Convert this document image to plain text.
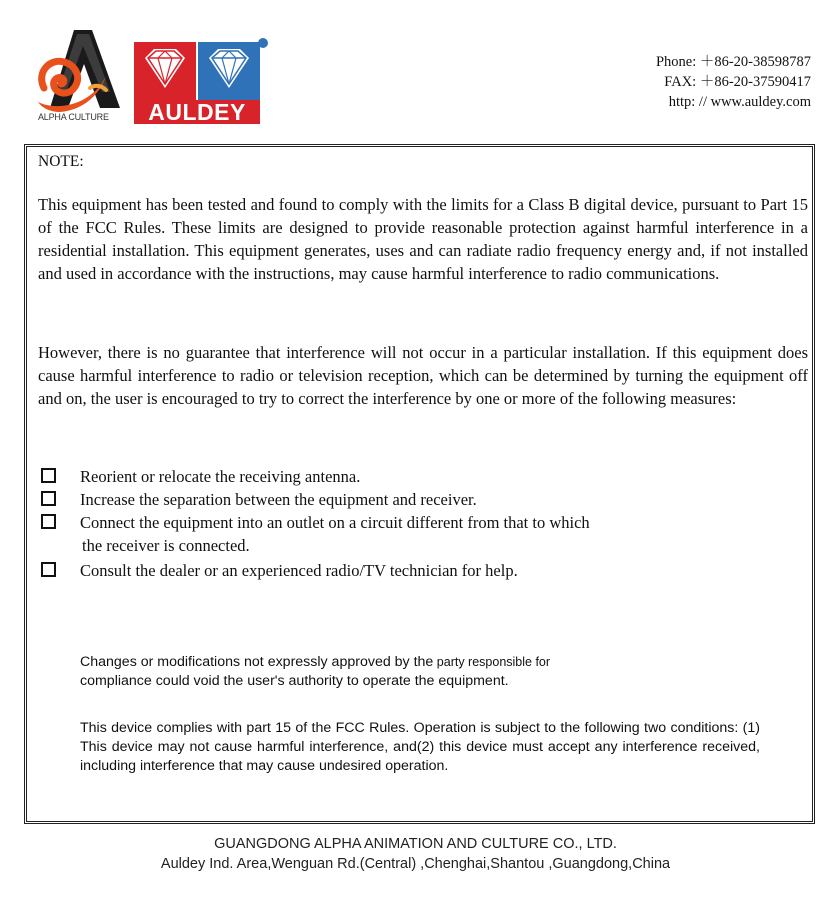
ALPHA CULTURE	AULDEY
Phone: ＋86-20-38598787
FAX: ＋86-20-37590417
http: // www.auldey.com
NOTE:

This equipment has been tested and found to comply with the limits for a Class B digital device, pursuant to Part 15 of the FCC Rules. These limits are designed to provide reasonable protection against harmful interference in a residential installation. This equipment generates, uses and can radiate radio frequency energy and, if not installed and used in accordance with the instructions, may cause harmful interference to radio communications.

However, there is no guarantee that interference will not occur in a particular installation. If this equipment does cause harmful interference to radio or television reception, which can be determined by turning the equipment off and on, the user is encouraged to try to correct the interference by one or more of the following measures:

Reorient or relocate the receiving antenna.
Increase the separation between the equipment and receiver.
Connect the equipment into an outlet on a circuit different from that to which
the receiver is connected.
Consult the dealer or an experienced radio/TV technician for help.
Changes or modifications not expressly approved by the party responsible for
compliance could void the user's authority to operate the equipment.

This device complies with part 15 of the FCC Rules. Operation is subject to the following two conditions: (1) This device may not cause harmful interference, and(2) this device must accept any interference received, including interference that may cause undesired operation.

GUANGDONG ALPHA ANIMATION AND CULTURE CO., LTD.
Auldey Ind. Area,Wenguan Rd.(Central) ,Chenghai,Shantou ,Guangdong,China
